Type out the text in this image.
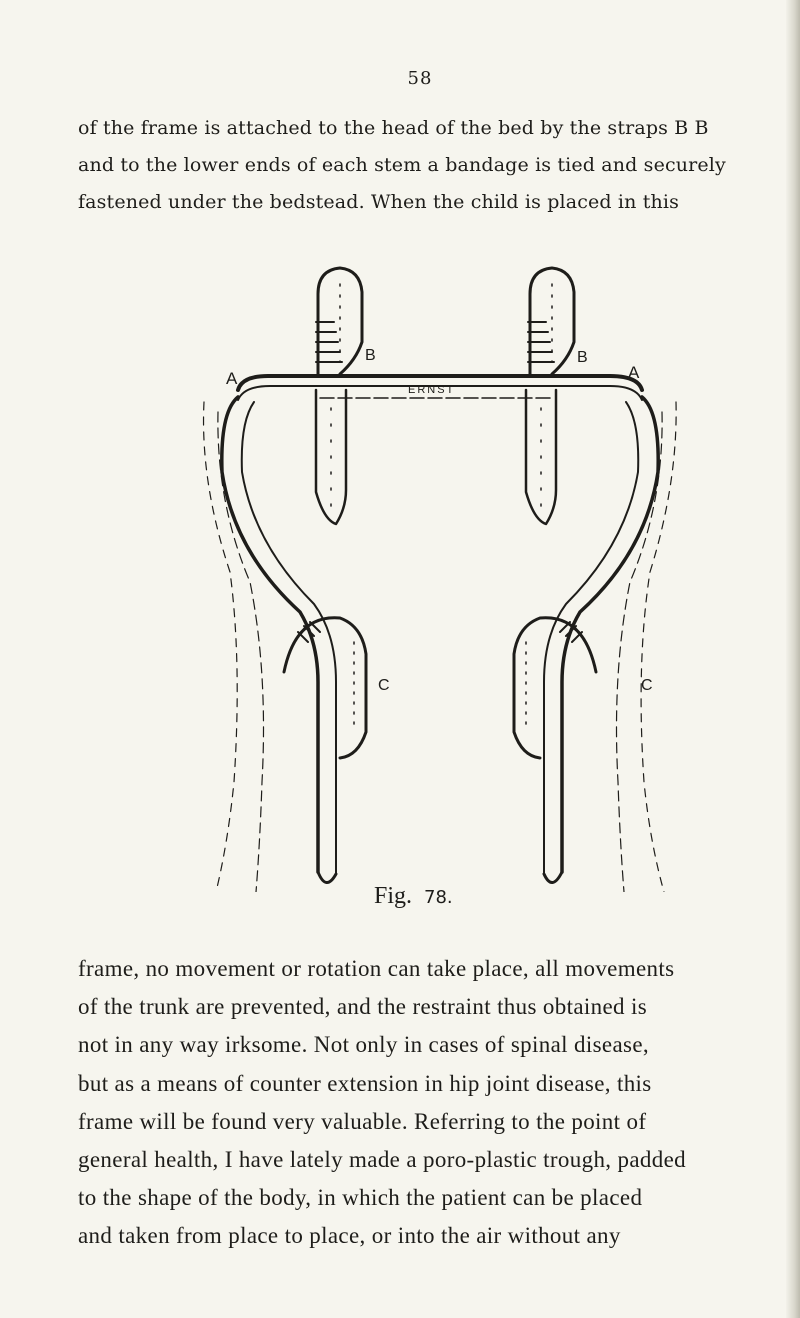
58
of the frame is attached to the head of the bed by the straps B B
and to the lower ends of each stem a bandage is tied and securely
fastened under the bedstead. When the child is placed in this
A	A
B	B
C	C
ERNST
Fig. 78.
frame, no movement or rotation can take place, all movements
of the trunk are prevented, and the restraint thus obtained is
not in any way irksome. Not only in cases of spinal disease,
but as a means of counter extension in hip joint disease, this
frame will be found very valuable. Referring to the point of
general health, I have lately made a poro-plastic trough, padded
to the shape of the body, in which the patient can be placed
and taken from place to place, or into the air without any
